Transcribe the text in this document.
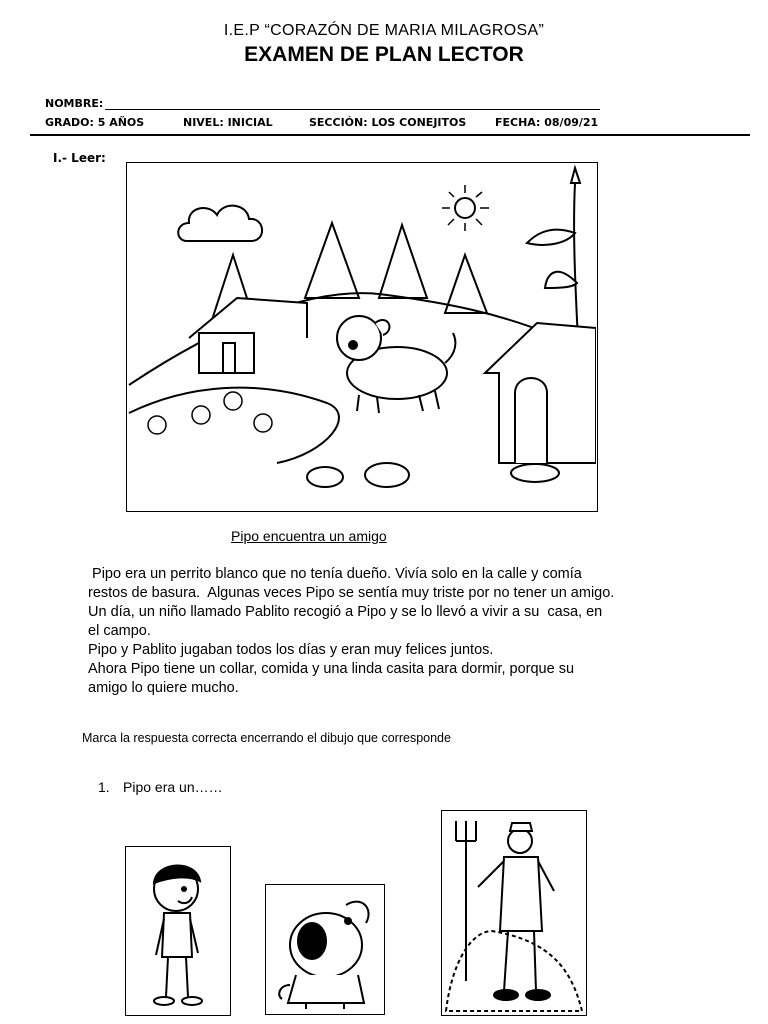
I.E.P “CORAZÓN DE MARIA MILAGROSA”
EXAMEN DE PLAN LECTOR
NOMBRE:
GRADO: 5 AÑOS	NIVEL: INICIAL	SECCIÓN: LOS CONEJITOS	FECHA: 08/09/21
I.- Leer:
Pipo encuentra un amigo

Pipo era un perrito blanco que no tenía dueño. Vivía solo en la calle y comía

restos de basura.  Algunas veces Pipo se sentía muy triste por no tener un amigo.

Un día, un niño llamado Pablito recogió a Pipo y se lo llevó a vivir a su  casa, en

el campo.

Pipo y Pablito jugaban todos los días y eran muy felices juntos.

Ahora Pipo tiene un collar, comida y una linda casita para dormir, porque su

amigo lo quiere mucho.

Marca la respuesta correcta encerrando el dibujo que corresponde
1. Pipo era un……
